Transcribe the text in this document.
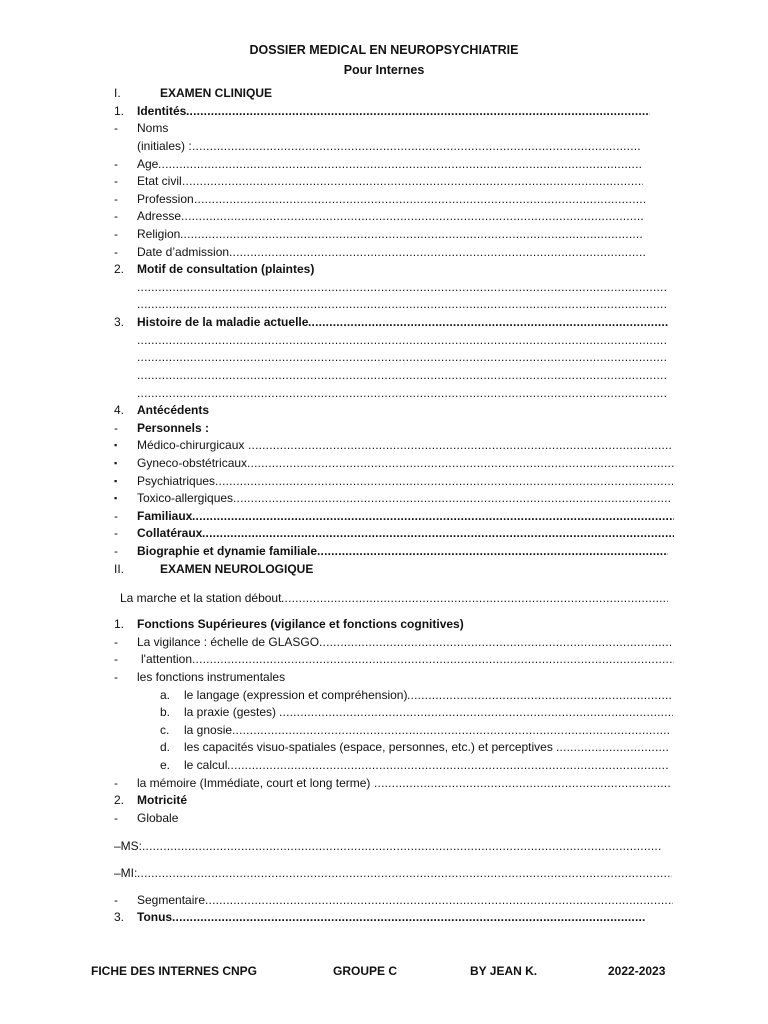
DOSSIER MEDICAL EN NEUROPSYCHIATRIE
Pour Internes
I.	EXAMEN CLINIQUE
1. Identités
.....
- Noms
(initiales) :
.....
- Age
.....
- Etat civil
.....
- Profession
.....
- Adresse
.....
- Religion
.....
- Date d’admission
.....
2. Motif de consultation (plaintes)
.....
.....
3. Histoire de la maladie actuelle
.....
.....
.....
.....
.....
4. Antécédents
- Personnels :
▪ Médico-chirurgicaux
.....
▪ Gyneco-obstétricaux
.....
▪ Psychiatriques
.....
▪ Toxico-allergiques
.....
- Familiaux
.....
- Collatéraux
.....
- Biographie et dynamie familiale
.....
II.	EXAMEN NEUROLOGIQUE
La marche et la station débout
.....
1. Fonctions Supérieures (vigilance et fonctions cognitives)
- La vigilance : échelle de GLASGO
.....
- l'attention
.....
- les fonctions instrumentales
a. le langage (expression et compréhension)
.....
b. la praxie (gestes)
.....
c. la gnosie
.....
d. les capacités visuo-spatiales (espace, personnes, etc.) et perceptives
.....
e. le calcul
.....
- la mémoire (Immédiate, court et long terme)
.....
2. Motricité
- Globale
–MS:
.....
–MI:
.....
- Segmentaire
.....
3. Tonus
.....
FICHE DES INTERNES CNPG	GROUPE C	BY JEAN K.	2022-2023
